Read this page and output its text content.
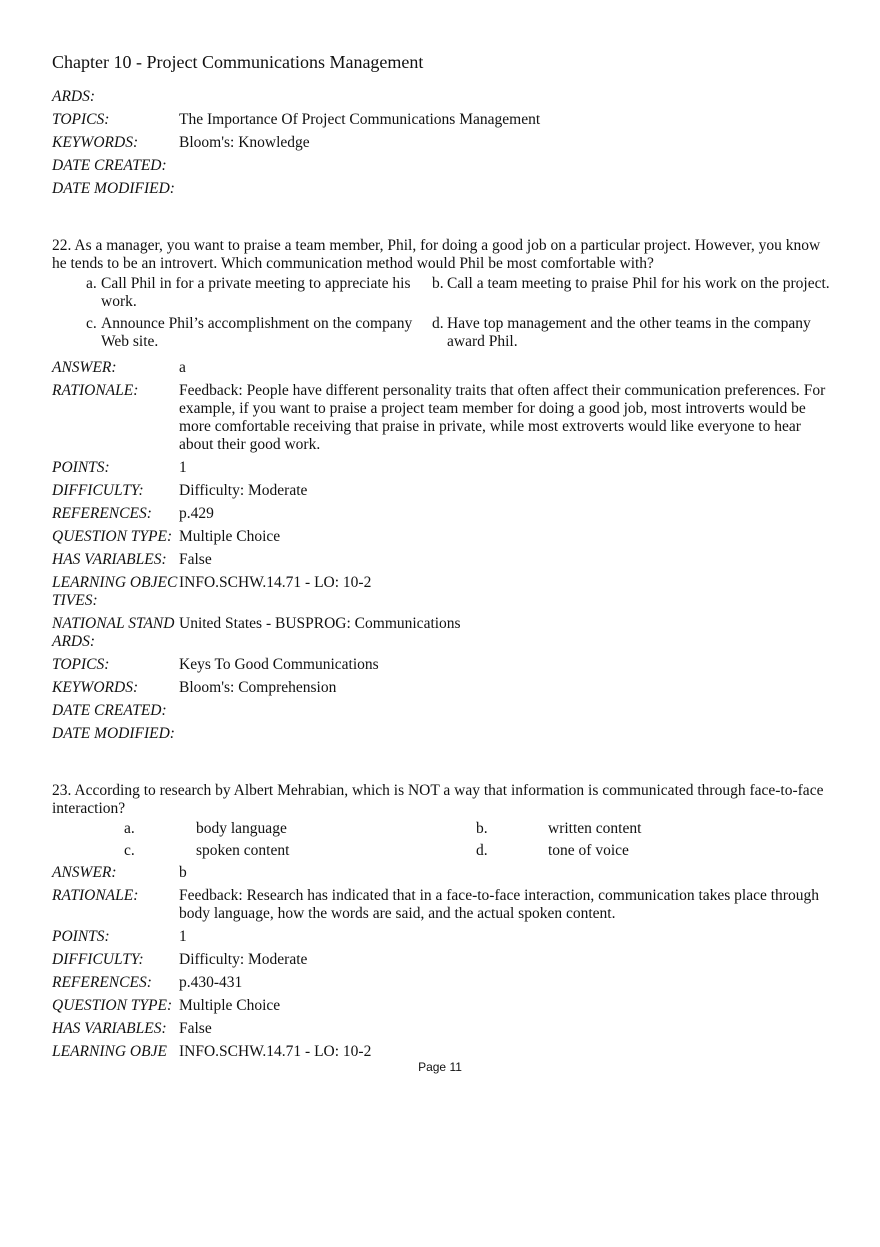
Chapter 10 - Project Communications Management
ARDS:
TOPICS:	The Importance Of Project Communications Management
KEYWORDS:	Bloom's: Knowledge
DATE CREATED:
DATE MODIFIED:
22. As a manager, you want to praise a team member, Phil, for doing a good job on a particular project. However, you know he tends to be an introvert. Which communication method would Phil be most comfortable with?
a. Call Phil in for a private meeting to appreciate his work.
b. Call a team meeting to praise Phil for his work on the project.
c. Announce Phil’s accomplishment on the company Web site.
d. Have top management and the other teams in the company award Phil.
ANSWER:	a
RATIONALE:	Feedback: People have different personality traits that often affect their communication preferences. For example, if you want to praise a project team member for doing a good job, most introverts would be more comfortable receiving that praise in private, while most extroverts would like everyone to hear about their good work.
POINTS:	1
DIFFICULTY:	Difficulty: Moderate
REFERENCES:	p.429
QUESTION TYPE: Multiple Choice
HAS VARIABLES: False
LEARNING OBJECTIVES:
INFO.SCHW.14.71 - LO: 10-2
NATIONAL STANDARDS:
United States - BUSPROG: Communications
TOPICS:	Keys To Good Communications
KEYWORDS:	Bloom's: Comprehension
DATE CREATED:
DATE MODIFIED:
23. According to research by Albert Mehrabian, which is NOT a way that information is communicated through face-to-face interaction?
a.	body language	b.	written content
c.	spoken content	d.	tone of voice
ANSWER:	b
RATIONALE:	Feedback: Research has indicated that in a face-to-face interaction, communication takes place through body language, how the words are said, and the actual spoken content.
POINTS:	1
DIFFICULTY:	Difficulty: Moderate
REFERENCES:	p.430-431
QUESTION TYPE: Multiple Choice
HAS VARIABLES: False
LEARNING OBJE INFO.SCHW.14.71 - LO: 10-2
Page 11
